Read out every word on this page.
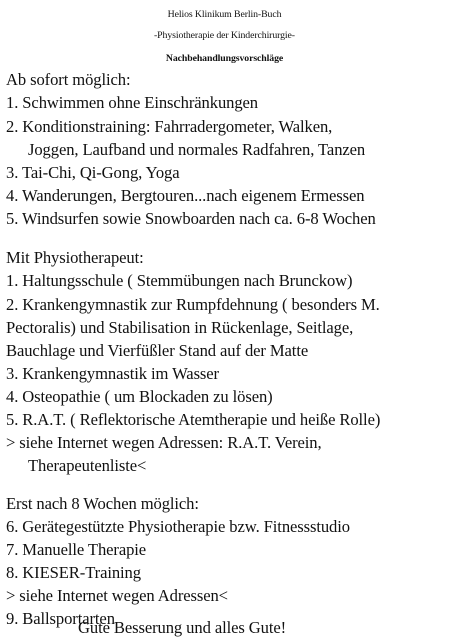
Helios Klinikum Berlin-Buch
-Physiotherapie der Kinderchirurgie-
Nachbehandlungsvorschläge
Ab sofort möglich:
1. Schwimmen ohne Einschränkungen
2. Konditionstraining: Fahrradergometer, Walken,
Joggen, Laufband und normales Radfahren, Tanzen
3. Tai-Chi, Qi-Gong, Yoga
4. Wanderungen, Bergtouren...nach eigenem Ermessen
5. Windsurfen sowie Snowboarden nach ca. 6-8 Wochen
Mit Physiotherapeut:
1. Haltungsschule ( Stemmübungen nach Brunckow)
2. Krankengymnastik zur Rumpfdehnung ( besonders M.
Pectoralis) und Stabilisation in Rückenlage, Seitlage,
Bauchlage und Vierfüßler Stand auf der Matte
3. Krankengymnastik im Wasser
4. Osteopathie ( um Blockaden zu lösen)
5. R.A.T. ( Reflektorische Atemtherapie und heiße Rolle)
> siehe Internet wegen Adressen: R.A.T. Verein,
Therapeutenliste<
Erst nach 8 Wochen möglich:
6. Gerätegestützte Physiotherapie bzw. Fitnessstudio
7. Manuelle Therapie
8. KIESER-Training
> siehe Internet wegen Adressen<
9. Ballsportarten
Gute Besserung und alles Gute!
